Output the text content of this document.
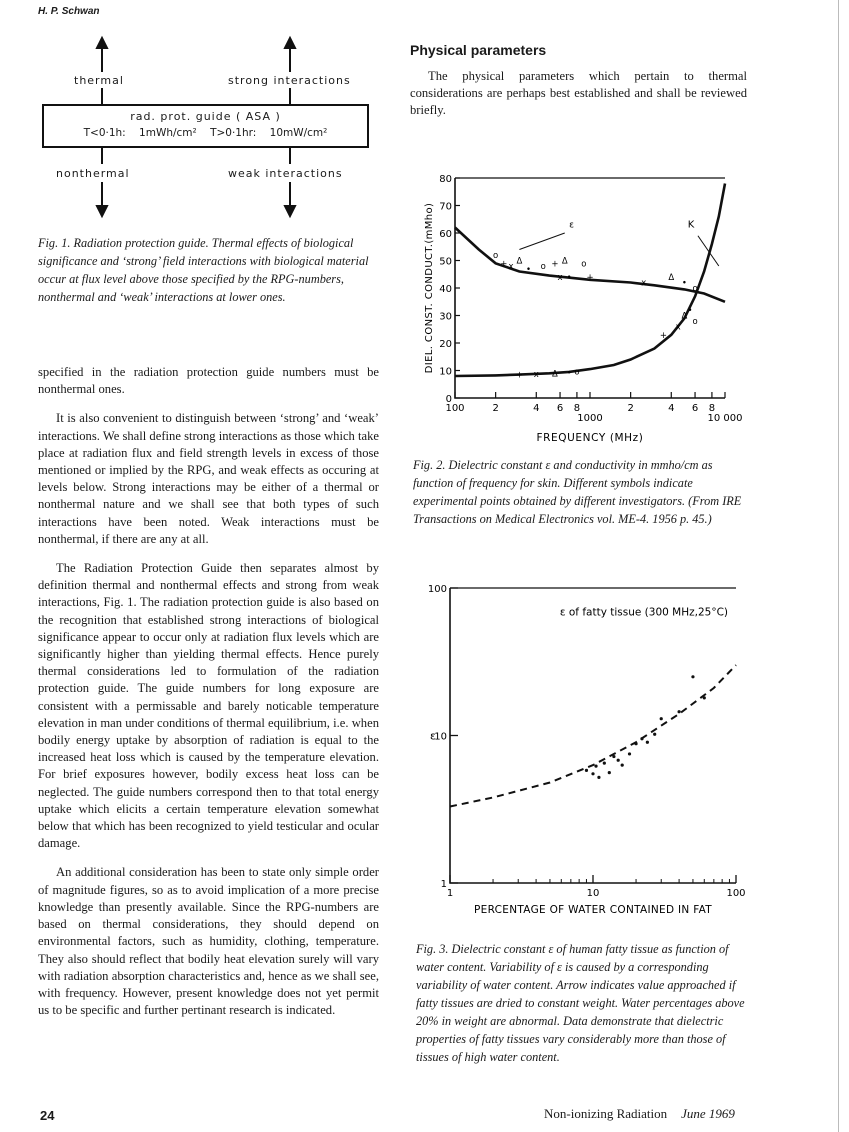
H. P. Schwan
thermal	strong interactions
nonthermal	weak interactions
rad. prot. guide ( ASA )
T<0·1h: 1mWh/cm² T>0·1hr: 10mW/cm²
Fig. 1. Radiation protection guide. Thermal effects of biological significance and ‘strong’ field interactions with biological material occur at flux level above those specified by the RPG-numbers, nonthermal and ‘weak’ interactions at lower ones.

specified in the radiation protection guide numbers must be nonthermal ones.

It is also convenient to distinguish between ‘strong’ and ‘weak’ interactions. We shall define strong interactions as those which take place at radiation flux and field strength levels in excess of those mentioned or implied by the RPG, and weak effects as occuring at levels below. Strong interactions may be either of a thermal or nonthermal nature and we shall see that both types of such interactions have been noted. Weak interactions must be nonthermal, if there are any at all.

The Radiation Protection Guide then separates almost by definition thermal and nonthermal effects and strong from weak interactions, Fig. 1. The radiation protection guide is also based on the recognition that established strong interactions of biological significance appear to occur only at radiation flux levels which are significantly higher than yielding thermal effects. Hence purely thermal considerations led to formulation of the radiation protection guide. The guide numbers for long exposure are consistent with a permissable and barely noticable temperature elevation in man under conditions of thermal equilibrium, i.e. when bodily energy uptake by absorption of radiation is equal to the increased heat loss which is caused by the temperature elevation. For brief exposures however, bodily excess heat loss can be neglected. The guide numbers correspond then to that total energy uptake which elicits a certain temperature elevation somewhat below that which has been recognized to yield testicular and ocular damage.

An additional consideration has been to state only simple order of magnitude figures, so as to avoid implication of a more precise knowledge than presently available. Since the RPG-numbers are based on thermal considerations, they should depend on environmental factors, such as humidity, clothing, temperature. They also should reflect that bodily heat elevation surely will vary with radiation absorption characteristics and, hence as we shall see, with frequency. However, present knowledge does not yet permit us to be specific and further pertinant research is indicated.

Physical parameters

The physical parameters which pertain to thermal considerations are perhaps best established and shall be reviewed briefly.

0
10
20
30
40
50
60
70
80
100	2	4 6 8
1000
2	4 6 8
10 000
FREQUENCY (MHz)
DIEL. CONST. CONDUCT.(mMho)	o
+ x
Δ
• o +
x
Δ
•
o
+
x
Δ
•
o
+
x
Δ
•
o
+ x Δ • o
ε	K
Fig. 2. Dielectric constant ε and conductivity in mmho/cm as function of frequency for skin. Different symbols indicate experimental points obtained by different investigators. (From IRE Transactions on Medical Electronics vol. ME-4. 1956 p. 45.)
1
10
100
1	10	100
PERCENTAGE OF WATER CONTAINED IN FAT
ε
ε of fatty tissue (300 MHz,25°C)
Fig. 3. Dielectric constant ε of human fatty tissue as function of water content. Variability of ε is caused by a corresponding variability of water content. Arrow indicates value approached if fatty tissues are dried to constant weight. Water percentages above 20% in weight are abnormal. Data demonstrate that dielectric properties of fatty tissues vary considerably more than those of tissues of high water content.
24	Non-ionizing Radiation June 1969
